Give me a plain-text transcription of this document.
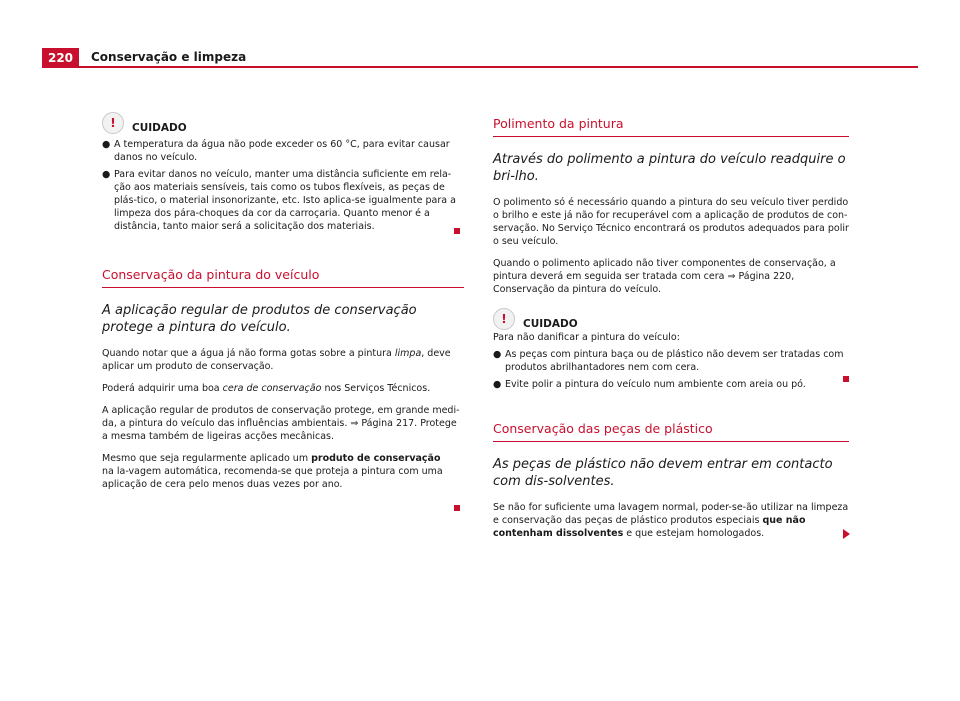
220	Conservação e limpeza
!	CUIDADO

● A temperatura da água não pode exceder os 60 °C, para evitar causar danos no veículo.

● Para evitar danos no veículo, manter uma distância suficiente em rela-ção aos materiais sensíveis, tais como os tubos flexíveis, as peças de plás-tico, o material insonorizante, etc. Isto aplica-se igualmente para a limpeza dos pára-choques da cor da carroçaria. Quanto menor é a distância, tanto maior será a solicitação dos materiais.

Conservação da pintura do veículo

A aplicação regular de produtos de conservação protege a pintura do veículo.

Quando notar que a água já não forma gotas sobre a pintura limpa, deve aplicar um produto de conservação.

Poderá adquirir uma boa cera de conservação nos Serviços Técnicos.

A aplicação regular de produtos de conservação protege, em grande medi-da, a pintura do veículo das influências ambientais. ⇒ Página 217. Protege a mesma também de ligeiras acções mecânicas.

Mesmo que seja regularmente aplicado um produto de conservação na la-vagem automática, recomenda-se que proteja a pintura com uma aplicação de cera pelo menos duas vezes por ano.

Polimento da pintura

Através do polimento a pintura do veículo readquire o bri-lho.

O polimento só é necessário quando a pintura do seu veículo tiver perdido o brilho e este já não for recuperável com a aplicação de produtos de con-servação. No Serviço Técnico encontrará os produtos adequados para polir o seu veículo.

Quando o polimento aplicado não tiver componentes de conservação, a pintura deverá em seguida ser tratada com cera ⇒ Página 220, Conservação da pintura do veículo.

!	CUIDADO

Para não danificar a pintura do veículo:

● As peças com pintura baça ou de plástico não devem ser tratadas com produtos abrilhantadores nem com cera.

● Evite polir a pintura do veículo num ambiente com areia ou pó.

Conservação das peças de plástico

As peças de plástico não devem entrar em contacto com dis-solventes.

Se não for suficiente uma lavagem normal, poder-se-ão utilizar na limpeza e conservação das peças de plástico produtos especiais que não contenham dissolventes e que estejam homologados.
